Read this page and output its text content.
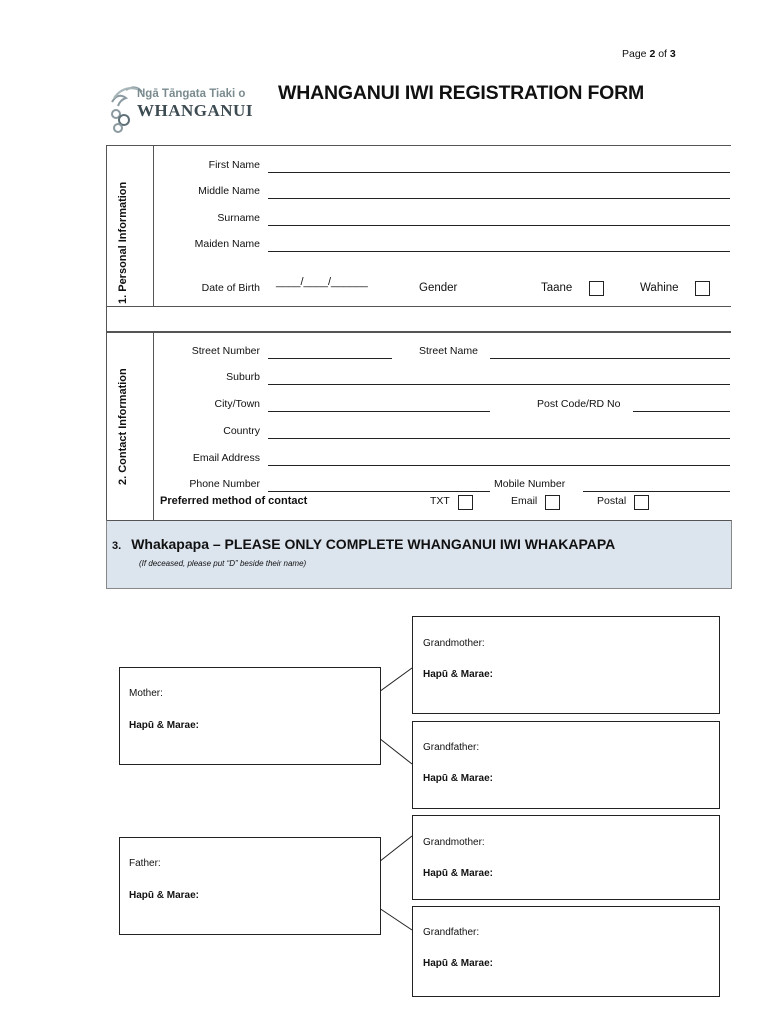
Page 2 of 3
Ngā Tāngata Tiaki o
WHANGANUI
WHANGANUI IWI REGISTRATION FORM
1. Personal Information
First Name
Middle Name
Surname
Maiden Name
Date of Birth ____/____/______	Gender	Taane	Wahine
2. Contact Information
Street Number	Street Name
Suburb
City/Town	Post Code/RD No
Country
Email Address
Phone Number	Mobile Number
Preferred method of contact	TXT	Email	Postal
3. Whakapapa – PLEASE ONLY COMPLETE WHANGANUI IWI WHAKAPAPA
(If deceased, please put “D” beside their name)
Mother:
Hapū & Marae:
Grandmother:
Hapū & Marae:
Grandfather:
Hapū & Marae:
Father:
Hapū & Marae:
Grandmother:
Hapū & Marae:
Grandfather:
Hapū & Marae:
